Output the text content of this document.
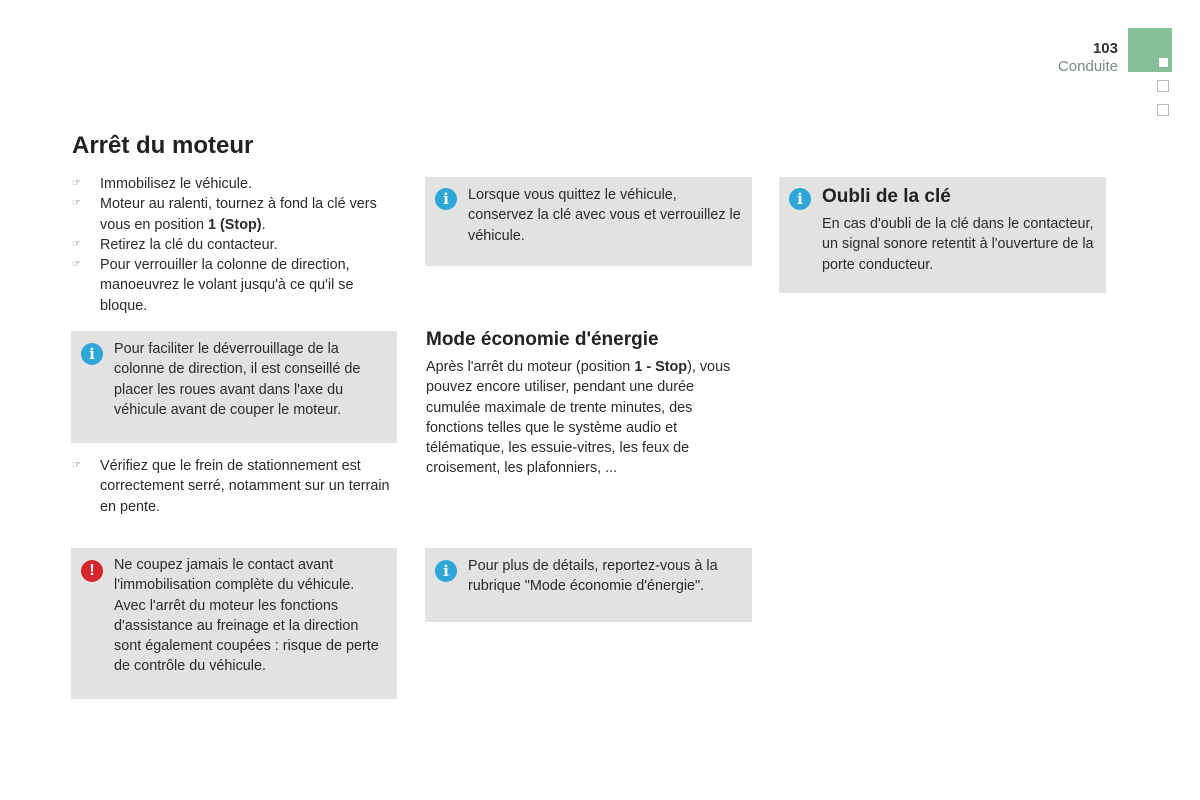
103
Conduite
Arrêt du moteur
☞ Immobilisez le véhicule.
☞ Moteur au ralenti, tournez à fond la clé vers vous en position 1 (Stop).
☞ Retirez la clé du contacteur.
☞ Pour verrouiller la colonne de direction, manoeuvrez le volant jusqu'à ce qu'il se bloque.
i	Pour faciliter le déverrouillage de la colonne de direction, il est conseillé de placer les roues avant dans l'axe du véhicule avant de couper le moteur.
☞ Vérifiez que le frein de stationnement est correctement serré, notamment sur un terrain en pente.
!	Ne coupez jamais le contact avant l'immobilisation complète du véhicule. Avec l'arrêt du moteur les fonctions d'assistance au freinage et la direction sont également coupées : risque de perte de contrôle du véhicule.
i	Lorsque vous quittez le véhicule, conservez la clé avec vous et verrouillez le véhicule.
Mode économie d'énergie
Après l'arrêt du moteur (position 1 - Stop), vous pouvez encore utiliser, pendant une durée cumulée maximale de trente minutes, des fonctions telles que le système audio et télématique, les essuie-vitres, les feux de croisement, les plafonniers, ...
i	Pour plus de détails, reportez-vous à la rubrique "Mode économie d'énergie".
i	Oubli de la clé
En cas d'oubli de la clé dans le contacteur, un signal sonore retentit à l'ouverture de la porte conducteur.
